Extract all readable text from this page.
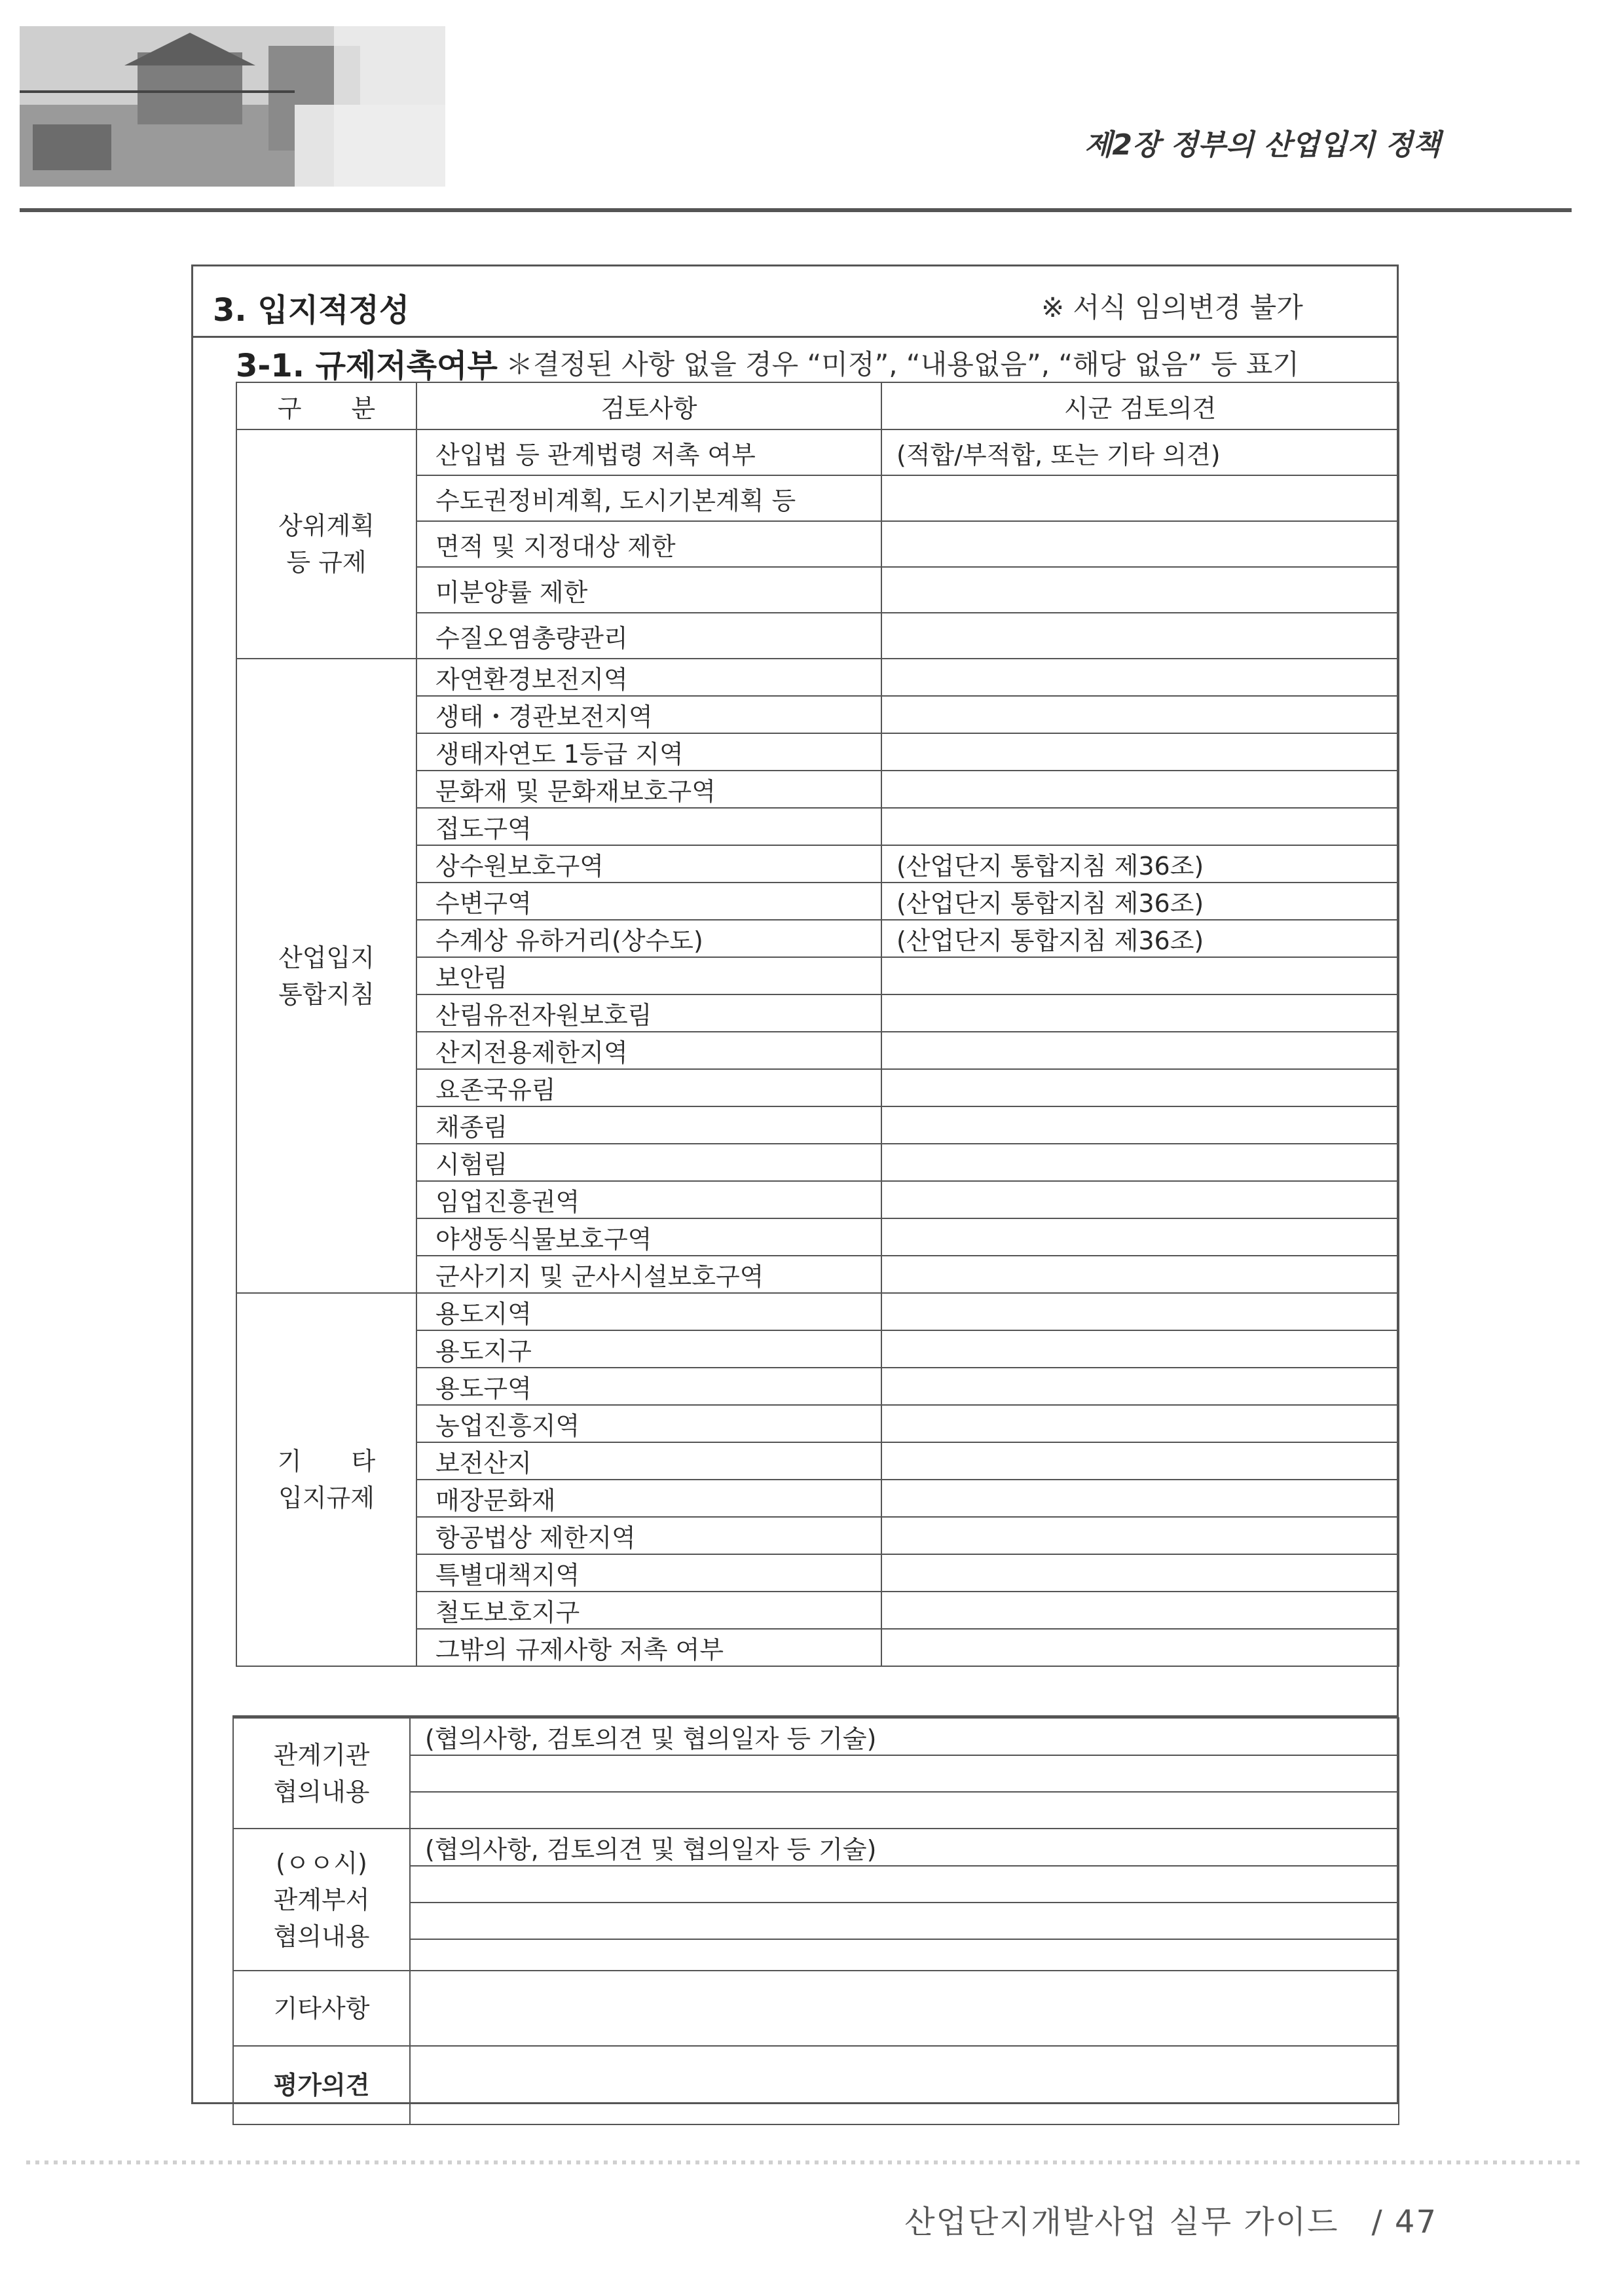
제2장 정부의 산업입지 정책
3. 입지적정성	※ 서식 임의변경 불가
3-1. 규제저촉여부 ＊결정된 사항 없을 경우 “미정”, “내용없음”, “해당 없음” 등 표기
구　　분	검토사항	시군 검토의견
상위계획
등 규제	산입법 등 관계법령 저촉 여부	(적합/부적합, 또는 기타 의견)
	수도권정비계획, 도시기본계획 등	
	면적 및 지정대상 제한	
	미분양률 제한	
	수질오염총량관리	
산업입지
통합지침	자연환경보전지역	
	생태・경관보전지역	
	생태자연도 1등급 지역	
	문화재 및 문화재보호구역	
	접도구역	
	상수원보호구역	(산업단지 통합지침 제36조)
	수변구역	(산업단지 통합지침 제36조)
	수계상 유하거리(상수도)	(산업단지 통합지침 제36조)
	보안림	
	산림유전자원보호림	
	산지전용제한지역	
	요존국유림	
	채종림	
	시험림	
	임업진흥권역	
	야생동식물보호구역	
	군사기지 및 군사시설보호구역	
기　　타
입지규제	용도지역	
	용도지구	
	용도구역	
	농업진흥지역	
	보전산지	
	매장문화재	
	항공법상 제한지역	
	특별대책지역	
	철도보호지구	
	그밖의 규제사항 저촉 여부	
관계기관
협의내용	(협의사항, 검토의견 및 협의일자 등 기술)

(ㅇㅇ시)
관계부서
협의내용	(협의사항, 검토의견 및 협의일자 등 기술)

기타사항	
평가의견	
산업단지개발사업 실무 가이드　/ 47
